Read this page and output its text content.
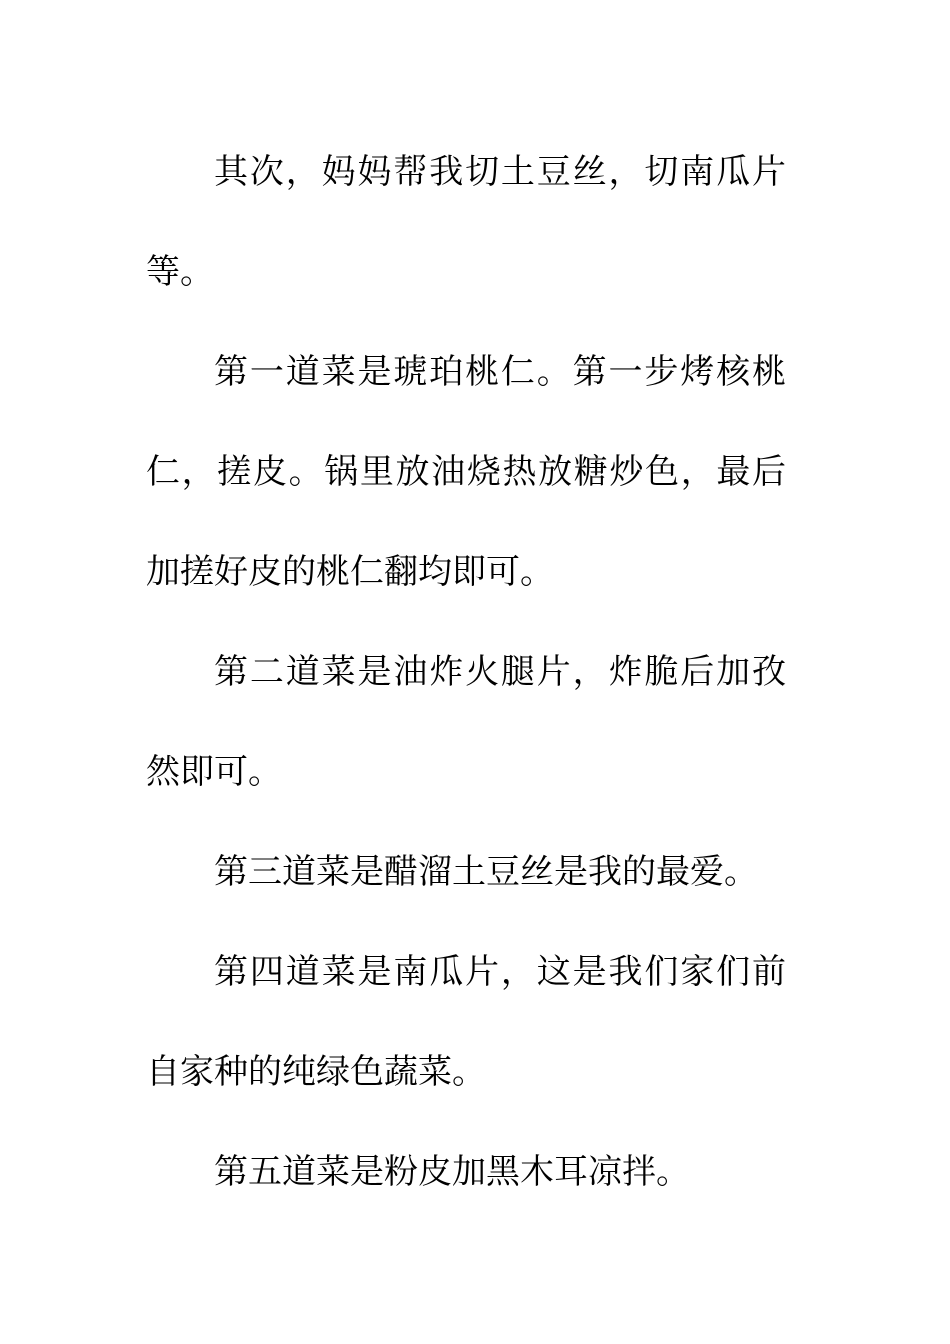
其次，妈妈帮我切土豆丝，切南瓜片等。

第一道菜是琥珀桃仁。第一步烤核桃仁，搓皮。锅里放油烧热放糖炒色，最后加搓好皮的桃仁翻均即可。

第二道菜是油炸火腿片，炸脆后加孜然即可。

第三道菜是醋溜土豆丝是我的最爱。

第四道菜是南瓜片，这是我们家们前自家种的纯绿色蔬菜。

第五道菜是粉皮加黑木耳凉拌。
